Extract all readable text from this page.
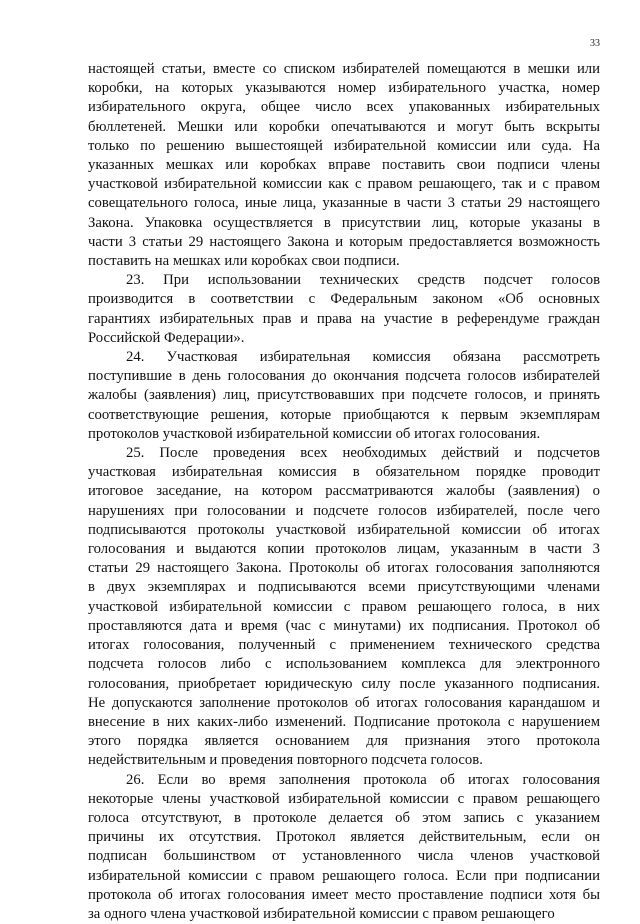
33
настоящей статьи, вместе со списком избирателей помещаются в мешки или
коробки, на которых указываются номер избирательного участка, номер
избирательного округа, общее число всех упакованных избирательных
бюллетеней. Мешки или коробки опечатываются и могут быть вскрыты
только по решению вышестоящей избирательной комиссии или суда. На
указанных мешках или коробках вправе поставить свои подписи члены
участковой избирательной комиссии как с правом решающего, так и с правом
совещательного голоса, иные лица, указанные в части 3 статьи 29 настоящего
Закона. Упаковка осуществляется в присутствии лиц, которые указаны в
части 3 статьи 29 настоящего Закона и которым предоставляется возможность
поставить на мешках или коробках свои подписи.
23. При использовании технических средств подсчет голосов
производится в соответствии с Федеральным законом «Об основных
гарантиях избирательных прав и права на участие в референдуме граждан
Российской Федерации».
24. Участковая избирательная комиссия обязана рассмотреть
поступившие в день голосования до окончания подсчета голосов избирателей
жалобы (заявления) лиц, присутствовавших при подсчете голосов, и принять
соответствующие решения, которые приобщаются к первым экземплярам
протоколов участковой избирательной комиссии об итогах голосования.
25. После проведения всех необходимых действий и подсчетов
участковая избирательная комиссия в обязательном порядке проводит
итоговое заседание, на котором рассматриваются жалобы (заявления) о
нарушениях при голосовании и подсчете голосов избирателей, после чего
подписываются протоколы участковой избирательной комиссии об итогах
голосования и выдаются копии протоколов лицам, указанным в части 3
статьи 29 настоящего Закона. Протоколы об итогах голосования заполняются
в двух экземплярах и подписываются всеми присутствующими членами
участковой избирательной комиссии с правом решающего голоса, в них
проставляются дата и время (час с минутами) их подписания. Протокол об
итогах голосования, полученный с применением технического средства
подсчета голосов либо с использованием комплекса для электронного
голосования, приобретает юридическую силу после указанного подписания.
Не допускаются заполнение протоколов об итогах голосования карандашом и
внесение в них каких-либо изменений. Подписание протокола с нарушением
этого порядка является основанием для признания этого протокола
недействительным и проведения повторного подсчета голосов.
26. Если во время заполнения протокола об итогах голосования
некоторые члены участковой избирательной комиссии с правом решающего
голоса отсутствуют, в протоколе делается об этом запись с указанием
причины их отсутствия. Протокол является действительным, если он
подписан большинством от установленного числа членов участковой
избирательной комиссии с правом решающего голоса. Если при подписании
протокола об итогах голосования имеет место проставление подписи хотя бы
за одного члена участковой избирательной комиссии с правом решающего
